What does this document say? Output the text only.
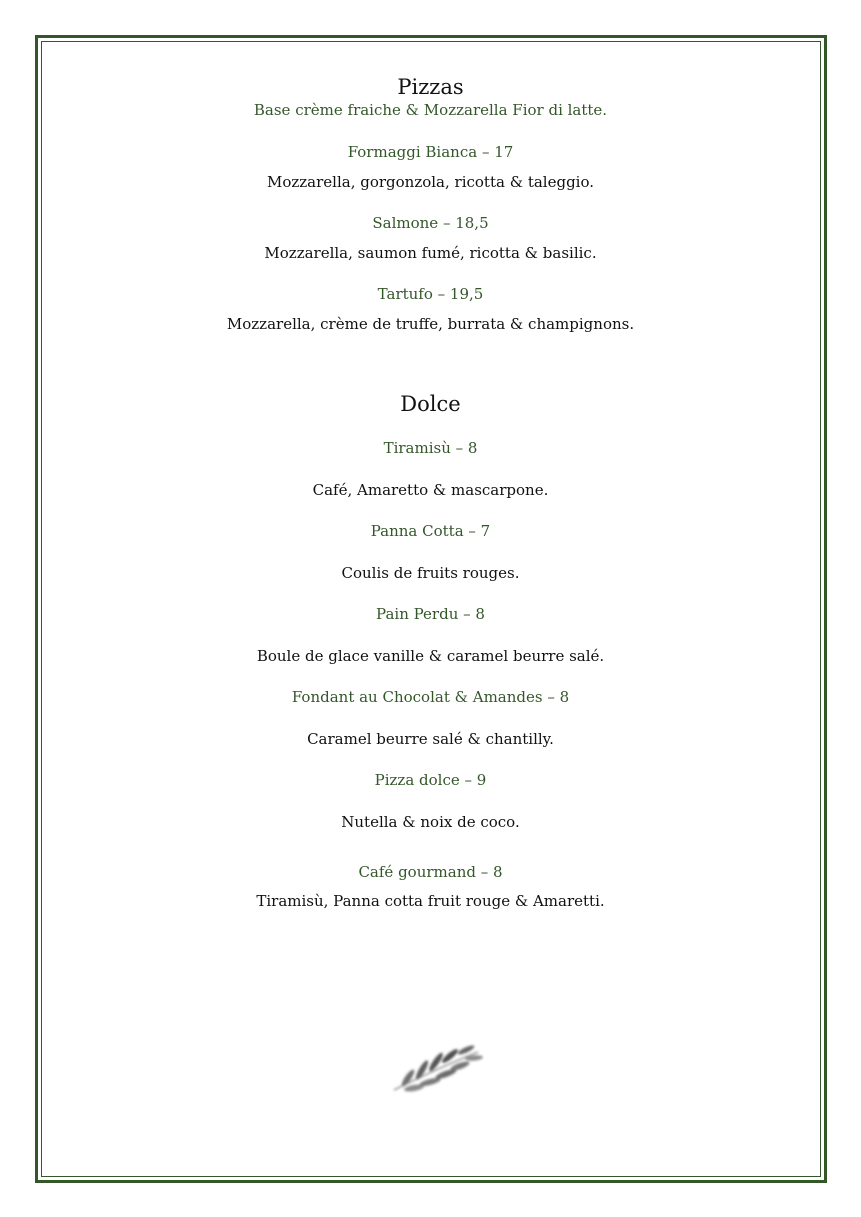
Pizzas
Base crème fraiche & Mozzarella Fior di latte.
Formaggi Bianca – 17
Mozzarella, gorgonzola, ricotta & taleggio.
Salmone – 18,5
Mozzarella, saumon fumé, ricotta & basilic.
Tartufo – 19,5
Mozzarella, crème de truffe, burrata & champignons.
Dolce
Tiramisù – 8
Café, Amaretto & mascarpone.
Panna Cotta – 7
Coulis de fruits rouges.
Pain Perdu – 8
Boule de glace vanille & caramel beurre salé.
Fondant au Chocolat & Amandes – 8
Caramel beurre salé & chantilly.
Pizza dolce – 9
Nutella & noix de coco.
Café gourmand – 8
Tiramisù, Panna cotta fruit rouge & Amaretti.
